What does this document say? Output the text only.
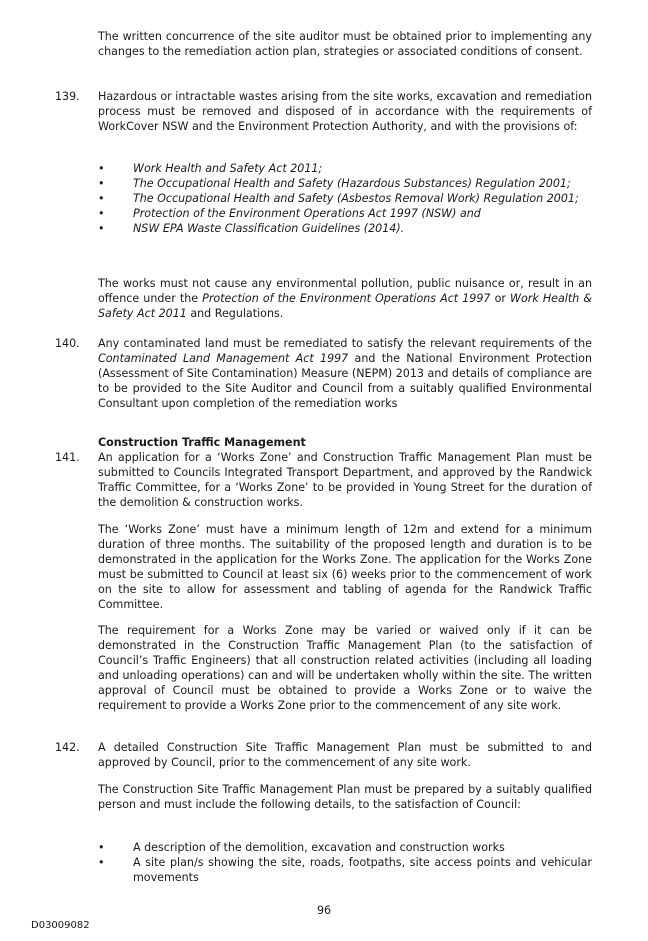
The written concurrence of the site auditor must be obtained prior to implementing any changes to the remediation action plan, strategies or associated conditions of consent.

139. Hazardous or intractable wastes arising from the site works, excavation and remediation process must be removed and disposed of in accordance with the requirements of WorkCover NSW and the Environment Protection Authority, and with the provisions of:

•	Work Health and Safety Act 2011;
•	The Occupational Health and Safety (Hazardous Substances) Regulation 2001;
•	The Occupational Health and Safety (Asbestos Removal Work) Regulation 2001;
•	Protection of the Environment Operations Act 1997 (NSW) and
•	NSW EPA Waste Classification Guidelines (2014).

The works must not cause any environmental pollution, public nuisance or, result in an offence under the Protection of the Environment Operations Act 1997 or Work Health & Safety Act 2011 and Regulations.

140. Any contaminated land must be remediated to satisfy the relevant requirements of the Contaminated Land Management Act 1997 and the National Environment Protection (Assessment of Site Contamination) Measure (NEPM) 2013 and details of compliance are to be provided to the Site Auditor and Council from a suitably qualified Environmental Consultant upon completion of the remediation works

Construction Traffic Management

141. An application for a ‘Works Zone’ and Construction Traffic Management Plan must be submitted to Councils Integrated Transport Department, and approved by the Randwick Traffic Committee, for a ‘Works Zone’ to be provided in Young Street for the duration of the demolition & construction works.

The ‘Works Zone’ must have a minimum length of 12m and extend for a minimum duration of three months. The suitability of the proposed length and duration is to be demonstrated in the application for the Works Zone. The application for the Works Zone must be submitted to Council at least six (6) weeks prior to the commencement of work on the site to allow for assessment and tabling of agenda for the Randwick Traffic Committee.

The requirement for a Works Zone may be varied or waived only if it can be demonstrated in the Construction Traffic Management Plan (to the satisfaction of Council’s Traffic Engineers) that all construction related activities (including all loading and unloading operations) can and will be undertaken wholly within the site. The written approval of Council must be obtained to provide a Works Zone or to waive the requirement to provide a Works Zone prior to the commencement of any site work.

142. A detailed Construction Site Traffic Management Plan must be submitted to and approved by Council, prior to the commencement of any site work.

The Construction Site Traffic Management Plan must be prepared by a suitably qualified person and must include the following details, to the satisfaction of Council:

•	A description of the demolition, excavation and construction works
•	A site plan/s showing the site, roads, footpaths, site access points and vehicular movements

96

D03009082
